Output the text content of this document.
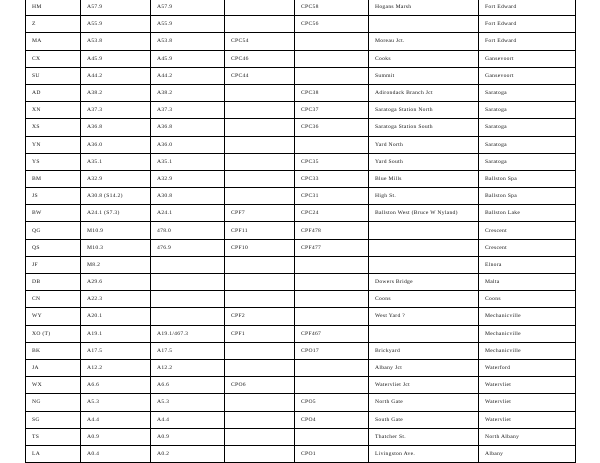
HM	A57.9	A57.9		CPC58	Hogans Marsh	Fort Edward
Z	A55.9	A55.9		CPC56		Fort Edward
MA	A53.8	A53.8	CPC54		Moreau Jct.	Fort Edward
CX	A45.9	A45.9	CPC46		Cooks	Gansevoort
SU	A44.2	A44.2	CPC44		Summit	Gansevoort
AD	A38.2	A38.2		CPC38	Adirondack Branch Jct	Saratoga
XN	A37.3	A37.3		CPC37	Saratoga Station North	Saratoga
XS	A36.8	A36.8		CPC36	Saratoga Station South	Saratoga
YN	A36.0	A36.0			Yard North	Saratoga
YS	A35.1	A35.1		CPC35	Yard South	Saratoga
BM	A32.9	A32.9		CPC33	Blue Mills	Ballston Spa
JS	A30.8 (S14.2)	A30.8		CPC31	High St.	Ballston Spa
BW	A24.1 (S7.3)	A24.1	CPF7	CPC24	Ballston West (Bruce W Nyland)	Ballston Lake
QG	M10.9	478.0	CPF11	CPF478		Crescent
QS	M10.3	476.9	CPF10	CPF477		Crescent
JF	M8.2					Elnora
DB	A29.6				Dowers Bridge	Malta
CN	A22.3				Coons	Coons
WY	A20.1		CPF2		West Yard ?	Mechanicville
XO (T)	A19.1	A19.1/467.3	CPF1	CPF467		Mechanicville
BK	A17.5	A17.5		CPO17	Brickyard	Mechanicville
JA	A12.2	A12.2			Albany Jct	Waterford
WX	A6.6	A6.6	CPO6		Watervliet Jct	Watervliet
NG	A5.3	A5.3		CPO5	North Gate	Watervliet
SG	A4.4	A4.4		CPO4	South Gate	Watervliet
TS	A0.9	A0.9			Thatcher St.	North Albany
LA	A0.4	A0.2		CPO1	Livingston Ave.	Albany
